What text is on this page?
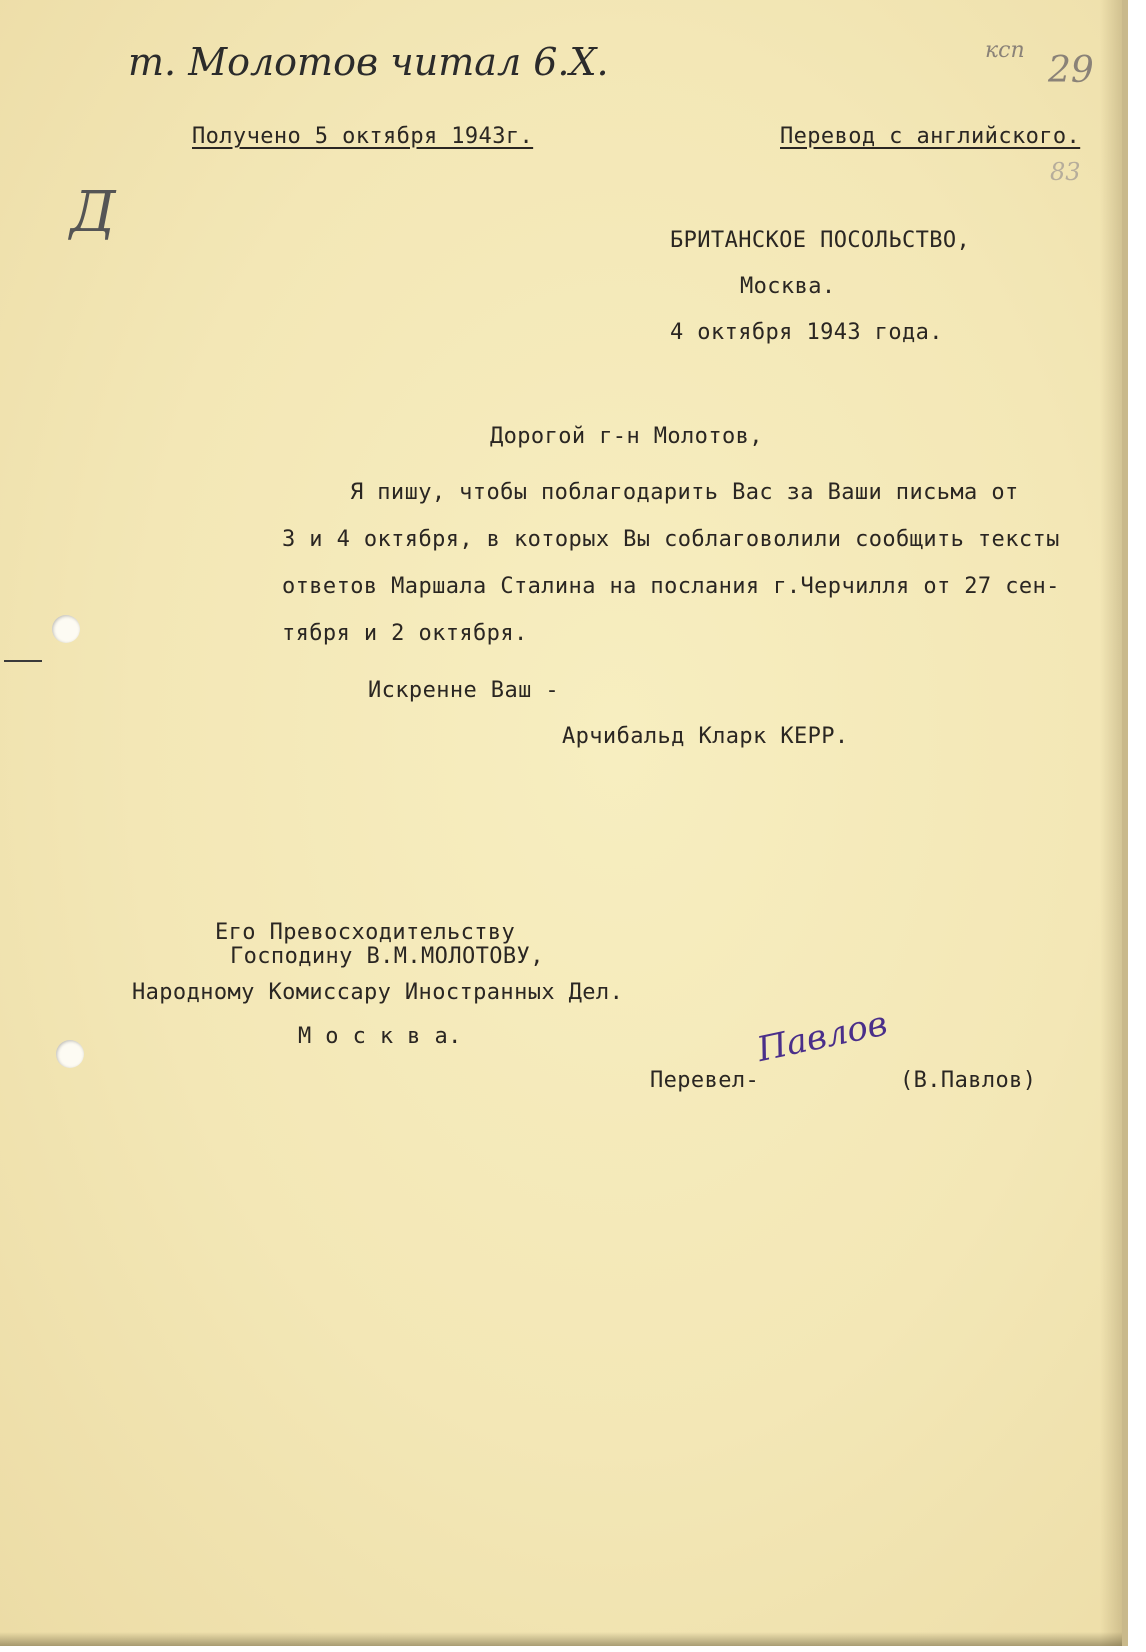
т. Молотов читал 6.X.	ксп 29
83
Д
Получено 5 октября 1943г.	Перевод с английского.
БРИТАНСКОЕ ПОСОЛЬСТВО,
Москва.
4 октября 1943 года.
Дорогой г-н Молотов,
Я пишу, чтобы поблагодарить Вас за Ваши письма от
3 и 4 октября, в которых Вы соблаговолили сообщить тексты
ответов Маршала Сталина на послания г.Черчилля от 27 сен-
тября и 2 октября.
Искренне Ваш -
Арчибальд Кларк КЕРР.
Его Превосходительству
Господину В.М.МОЛОТОВУ,
Народному Комиссару Иностранных Дел.
М о с к в а.
Перевел-
Павлов
(В.Павлов)
